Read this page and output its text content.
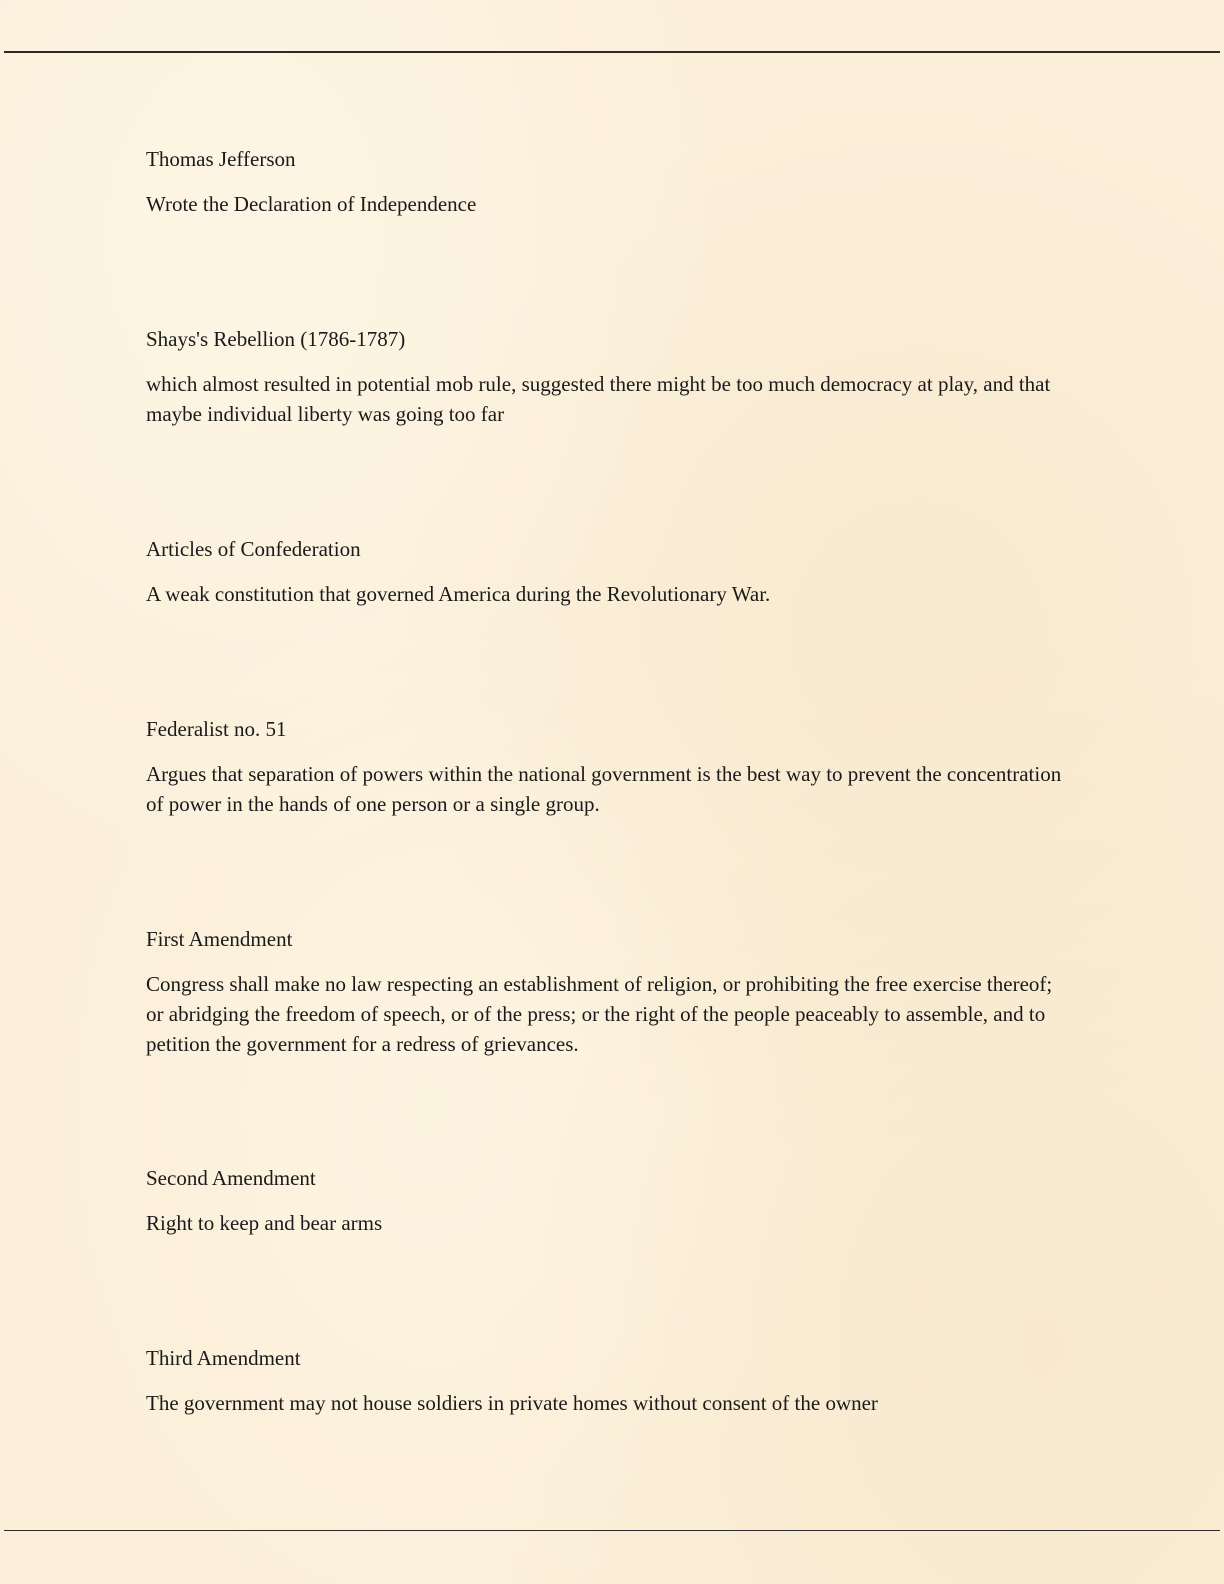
Thomas Jefferson

Wrote the Declaration of Independence

Shays's Rebellion (1786-1787)

which almost resulted in potential mob rule, suggested there might be too much democracy at play, and that maybe individual liberty was going too far

Articles of Confederation

A weak constitution that governed America during the Revolutionary War.

Federalist no. 51

Argues that separation of powers within the national government is the best way to prevent the concentration of power in the hands of one person or a single group.

First Amendment

Congress shall make no law respecting an establishment of religion, or prohibiting the free exercise thereof; or abridging the freedom of speech, or of the press; or the right of the people peaceably to assemble, and to petition the government for a redress of grievances.

Second Amendment

Right to keep and bear arms

Third Amendment

The government may not house soldiers in private homes without consent of the owner
